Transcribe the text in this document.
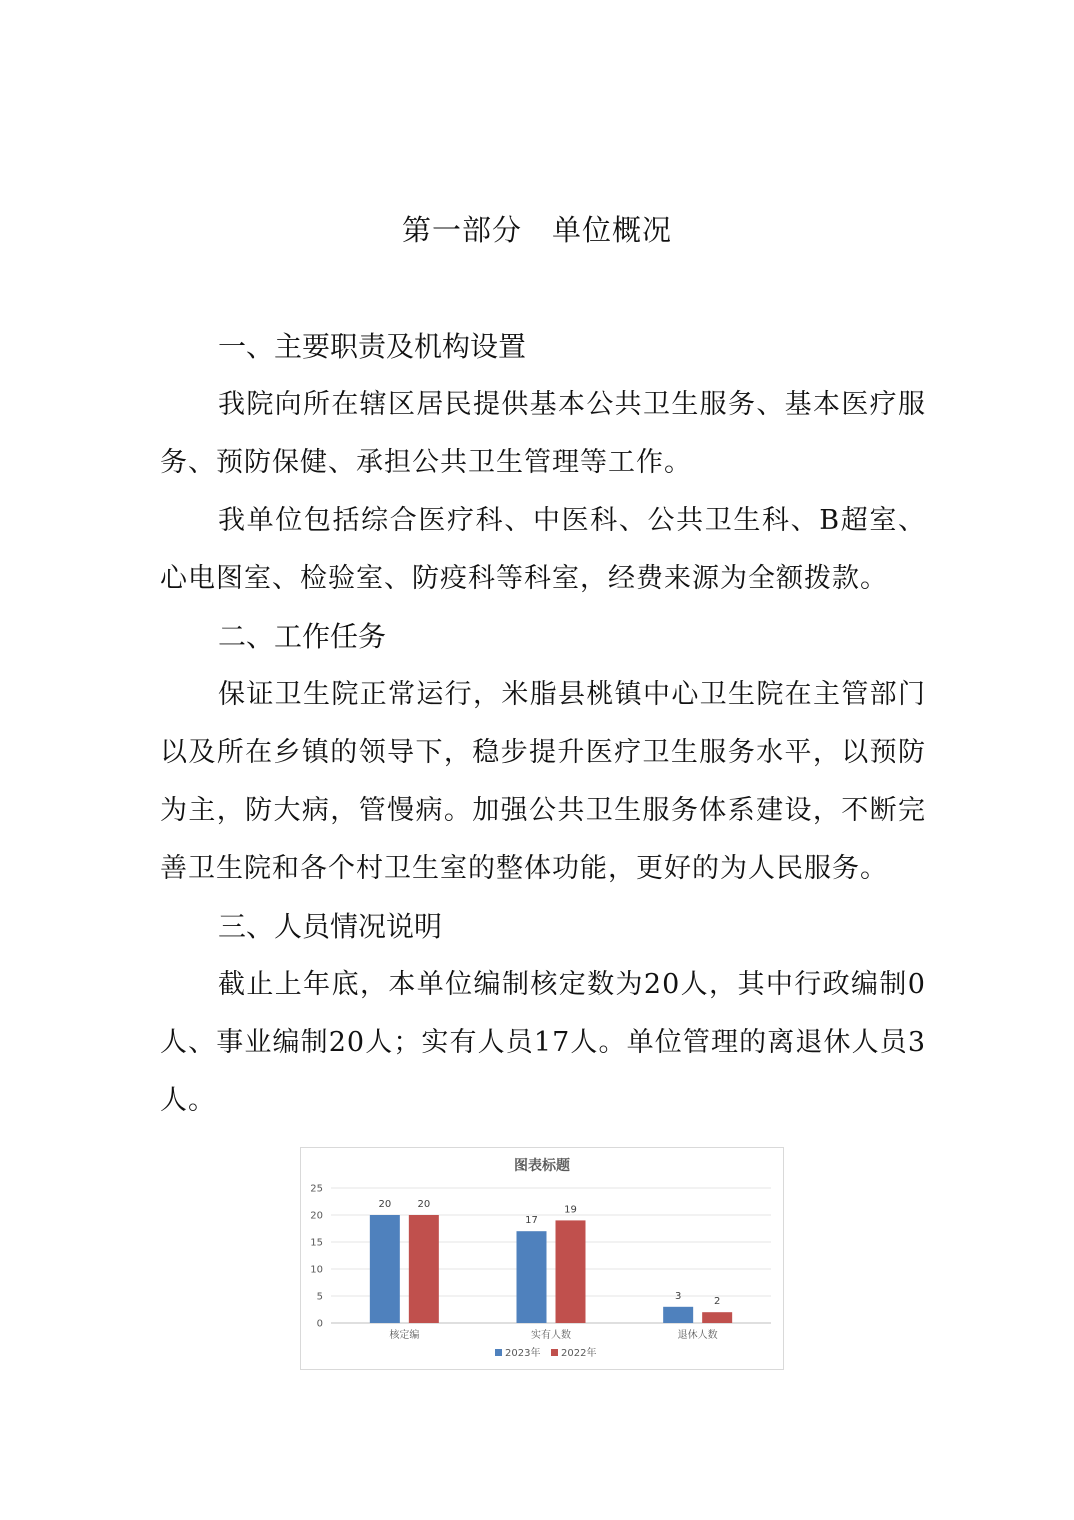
第一部分 单位概况

一、主要职责及机构设置

我院向所在辖区居民提供基本公共卫生服务、基本医疗服务、预防保健、承担公共卫生管理等工作。

我单位包括综合医疗科、中医科、公共卫生科、B超室、心电图室、检验室、防疫科等科室，经费来源为全额拨款。

二、工作任务

保证卫生院正常运行，米脂县桃镇中心卫生院在主管部门以及所在乡镇的领导下，稳步提升医疗卫生服务水平，以预防为主，防大病，管慢病。加强公共卫生服务体系建设，不断完善卫生院和各个村卫生室的整体功能，更好的为人民服务。

三、人员情况说明

截止上年底，本单位编制核定数为20人，其中行政编制0人、事业编制20人；实有人员17人。单位管理的离退休人员3人。

图表标题
0
5
10
15
20
25
20	20
核定编
17
19
实有人数
3	2
退休人数
2023年 2022年
